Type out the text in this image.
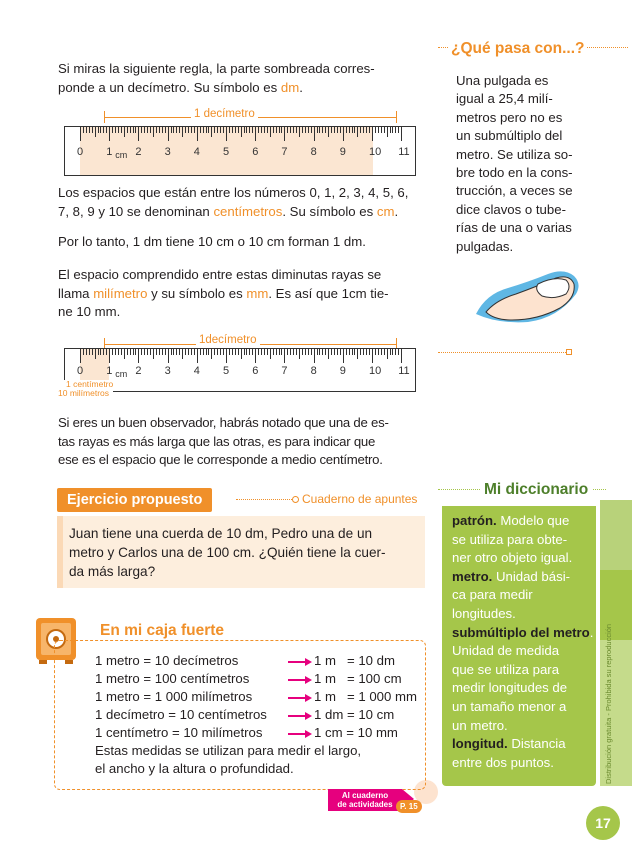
Si miras la siguiente regla, la parte sombreada corres-
ponde a un decímetro. Su símbolo es dm.
1 decímetro
0 1 2 3 4 5 6 7 8 9 10 11
cm
Los espacios que están entre los números 0, 1, 2, 3, 4, 5, 6,
7, 8, 9 y 10 se denominan centímetros. Su símbolo es cm.
Por lo tanto, 1 dm tiene 10 cm o 10 cm forman 1 dm.
El espacio comprendido entre estas diminutas rayas se
llama milímetro y su símbolo es mm. Es así que 1cm tie-
ne 10 mm.
1decímetro
0 1 2 3 4 5 6 7 8 9 10 11
cm
1 centímetro
10 milímetros
Si eres un buen observador, habrás notado que una de es-
tas rayas es más larga que las otras, es para indicar que
ese es el espacio que le corresponde a medio centímetro.
¿Qué pasa con...?
Una pulgada es
igual a 25,4 milí-
metros pero no es
un submúltiplo del
metro. Se utiliza so-
bre todo en la cons-
trucción, a veces se
dice clavos o tube-
rías de una o varias
pulgadas.
Ejercicio propuesto	Cuaderno de apuntes
Juan tiene una cuerda de 10 dm, Pedro una de un
metro y Carlos una de 100 cm. ¿Quién tiene la cuer-
da más larga?
En mi caja fuerte
1 metro = 10 decímetros	1 m   = 10 dm
1 metro = 100 centímetros	1 m   = 100 cm
1 metro = 1 000 milímetros	1 m   = 1 000 mm
1 decímetro = 10 centímetros	1 dm = 10 cm
1 centímetro = 10 milímetros	1 cm = 10 mm
Estas medidas se utilizan para medir el largo,
el ancho y la altura o profundidad.
Al cuaderno
de actividades P. 15
Mi diccionario
patrón. Modelo que
se utiliza para obte-
ner otro objeto igual.
metro. Unidad bási-
ca para medir
longitudes.
submúltiplo del metro.
Unidad de medida
que se utiliza para
medir longitudes de
un tamaño menor a
un metro.
longitud. Distancia
entre dos puntos.	Distribución gratuita - Prohibida su reproducción
17
